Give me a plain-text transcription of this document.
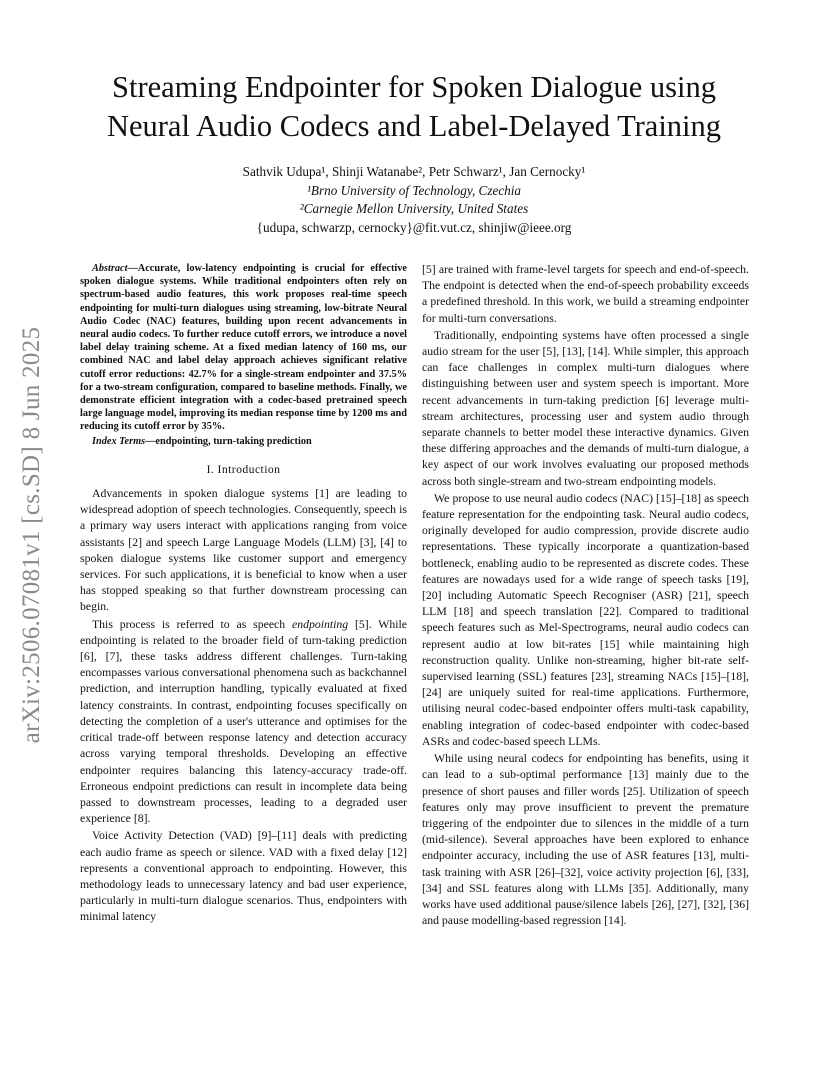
arXiv:2506.07081v1 [cs.SD] 8 Jun 2025
Streaming Endpointer for Spoken Dialogue using
Neural Audio Codecs and Label-Delayed Training
Sathvik Udupa¹, Shinji Watanabe², Petr Schwarz¹, Jan Cernocky¹
¹Brno University of Technology, Czechia
²Carnegie Mellon University, United States
{udupa, schwarzp, cernocky}@fit.vut.cz, shinjiw@ieee.org

Abstract—Accurate, low-latency endpointing is crucial for effective spoken dialogue systems. While traditional endpointers often rely on spectrum-based audio features, this work proposes real-time speech endpointing for multi-turn dialogues using streaming, low-bitrate Neural Audio Codec (NAC) features, building upon recent advancements in neural audio codecs. To further reduce cutoff errors, we introduce a novel label delay training scheme. At a fixed median latency of 160 ms, our combined NAC and label delay approach achieves significant relative cutoff error reductions: 42.7% for a single-stream endpointer and 37.5% for a two-stream configuration, compared to baseline methods. Finally, we demonstrate efficient integration with a codec-based pretrained speech large language model, improving its median response time by 1200 ms and reducing its cutoff error by 35%.

Index Terms—endpointing, turn-taking prediction

I. Introduction

Advancements in spoken dialogue systems [1] are leading to widespread adoption of speech technologies. Consequently, speech is a primary way users interact with applications ranging from voice assistants [2] and speech Large Language Models (LLM) [3], [4] to spoken dialogue systems like customer support and emergency services. For such applications, it is beneficial to know when a user has stopped speaking so that further downstream processing can begin.

This process is referred to as speech endpointing [5]. While endpointing is related to the broader field of turn-taking prediction [6], [7], these tasks address different challenges. Turn-taking encompasses various conversational phenomena such as backchannel prediction, and interruption handling, typically evaluated at fixed latency constraints. In contrast, endpointing focuses specifically on detecting the completion of a user's utterance and optimises for the critical trade-off between response latency and detection accuracy across varying temporal thresholds. Developing an effective endpointer requires balancing this latency-accuracy trade-off. Erroneous endpoint predictions can result in incomplete data being passed to downstream processes, leading to a degraded user experience [8].

Voice Activity Detection (VAD) [9]–[11] deals with predicting each audio frame as speech or silence. VAD with a fixed delay [12] represents a conventional approach to endpointing. However, this methodology leads to unnecessary latency and bad user experience, particularly in multi-turn dialogue scenarios. Thus, endpointers with minimal latency

[5] are trained with frame-level targets for speech and end-of-speech. The endpoint is detected when the end-of-speech probability exceeds a predefined threshold. In this work, we build a streaming endpointer for multi-turn conversations.

Traditionally, endpointing systems have often processed a single audio stream for the user [5], [13], [14]. While simpler, this approach can face challenges in complex multi-turn dialogues where distinguishing between user and system speech is important. More recent advancements in turn-taking prediction [6] leverage multi-stream architectures, processing user and system audio through separate channels to better model these interactive dynamics. Given these differing approaches and the demands of multi-turn dialogue, a key aspect of our work involves evaluating our proposed methods across both single-stream and two-stream endpointing models.

We propose to use neural audio codecs (NAC) [15]–[18] as speech feature representation for the endpointing task. Neural audio codecs, originally developed for audio compression, provide discrete audio representations. These typically incorporate a quantization-based bottleneck, enabling audio to be represented as discrete codes. These features are nowadays used for a wide range of speech tasks [19], [20] including Automatic Speech Recogniser (ASR) [21], speech LLM [18] and speech translation [22]. Compared to traditional speech features such as Mel-Spectrograms, neural audio codecs can represent audio at low bit-rates [15] while maintaining high reconstruction quality. Unlike non-streaming, higher bit-rate self-supervised learning (SSL) features [23], streaming NACs [15]–[18], [24] are uniquely suited for real-time applications. Furthermore, utilising neural codec-based endpointer offers multi-task capability, enabling integration of codec-based endpointer with codec-based ASRs and codec-based speech LLMs.

While using neural codecs for endpointing has benefits, using it can lead to a sub-optimal performance [13] mainly due to the presence of short pauses and filler words [25]. Utilization of speech features only may prove insufficient to prevent the premature triggering of the endpointer due to silences in the middle of a turn (mid-silence). Several approaches have been explored to enhance endpointer accuracy, including the use of ASR features [13], multi-task training with ASR [26]–[32], voice activity projection [6], [33], [34] and SSL features along with LLMs [35]. Additionally, many works have used additional pause/silence labels [26], [27], [32], [36] and pause modelling-based regression [14].
